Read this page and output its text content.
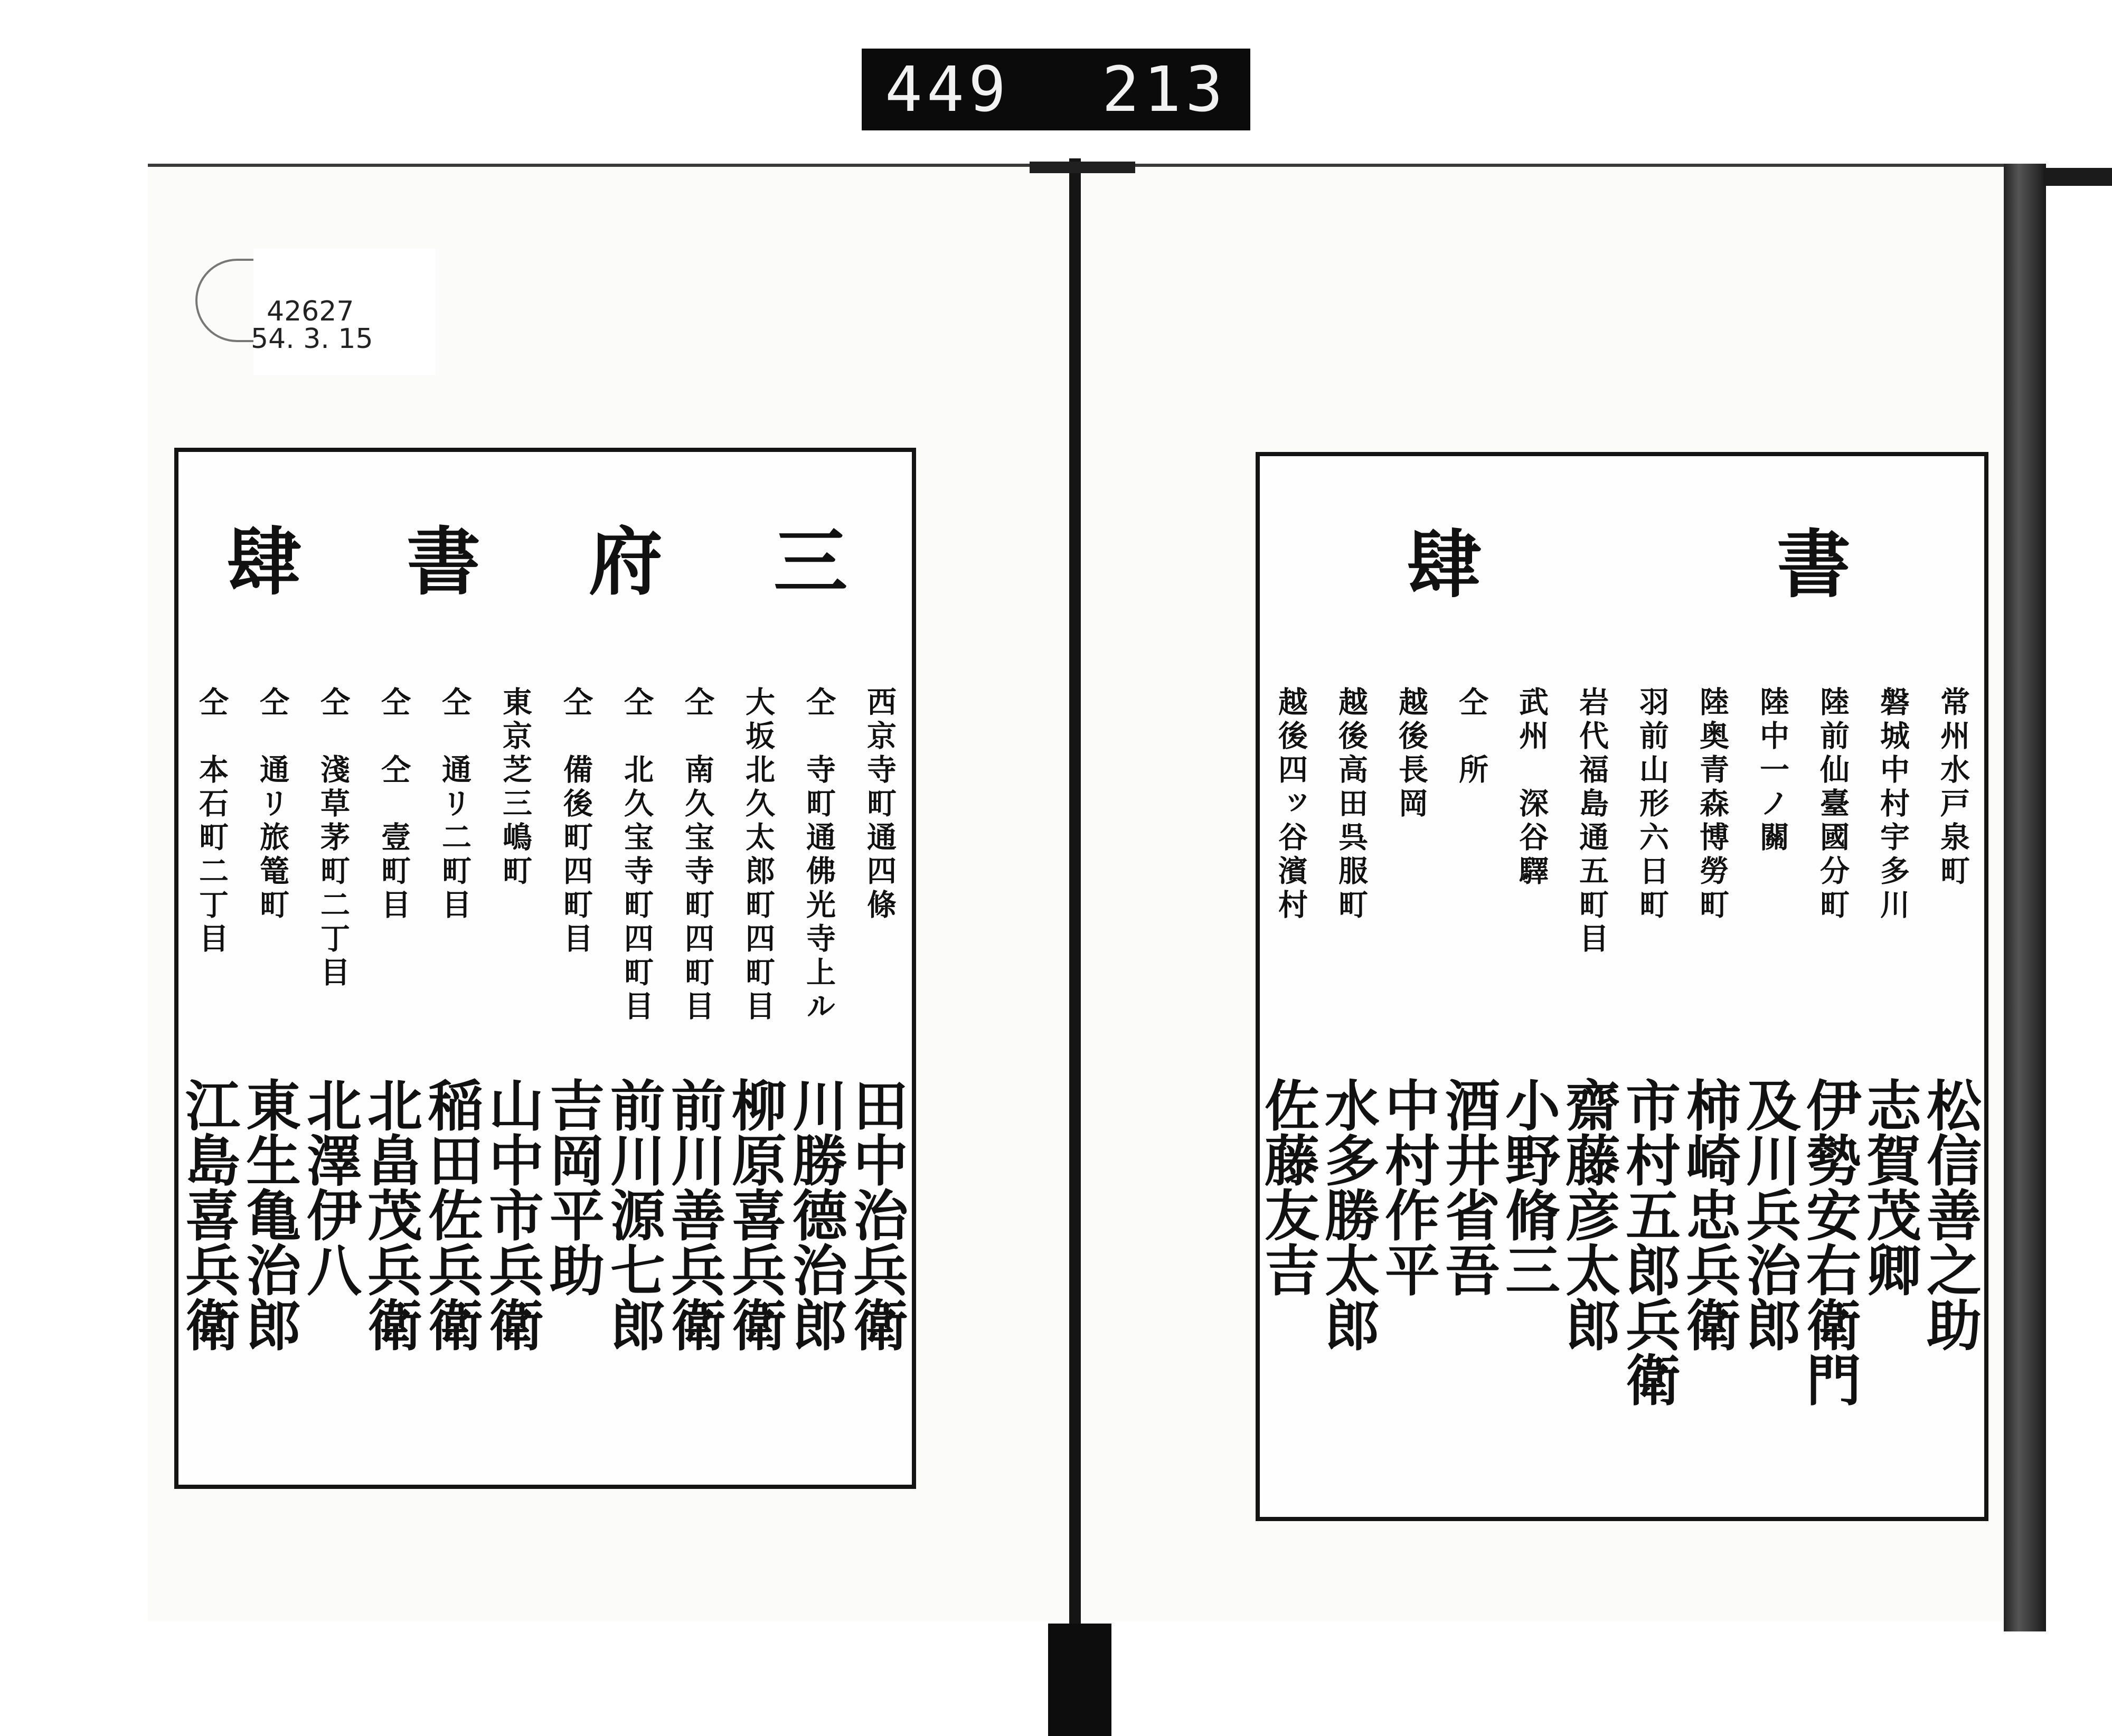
449 213
42627
54. 3. 15
三
府
書
肆
西京寺町通四條
仝　寺町通佛光寺上ル
大坂北久太郎町四町目
仝　南久宝寺町四町目
仝　北久宝寺町四町目
仝　備後町四町目
東京芝三嶋町
仝　通リ二町目
仝　仝　壹町目
仝　淺草茅町二丁目
仝　通リ旅篭町
仝　本石町二丁目
田中治兵衛
川勝德治郎
柳原喜兵衛
前川善兵衛
前川源七郎
吉岡平助
山中市兵衛
稲田佐兵衛
北畠茂兵衛
北澤伊八
東生亀治郎
江島喜兵衛
書
肆
常州水戸泉町
磐城中村宇多川
陸前仙臺國分町
陸中一ノ關
陸奥青森博勞町
羽前山形六日町
岩代福島通五町目
武州　深谷驛
仝　所
越後長岡
越後高田呉服町
越後四ッ谷濱村
松信善之助
志賀茂卿
伊勢安右衛門
及川兵治郎
柿崎忠兵衛
市村五郎兵衛
齋藤彦太郎
小野脩三
酒井省吾
中村作平
水多勝太郎
佐藤友吉
